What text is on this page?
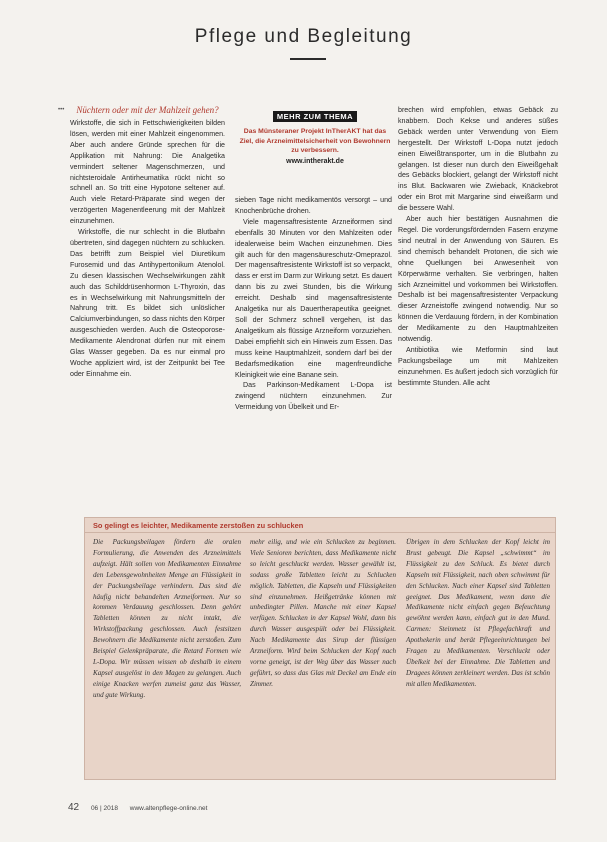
Pflege und Begleitung
•••	Nüchtern oder mit der Mahlzeit gehen?

Wirkstoffe, die sich in Fettschwierigkeiten bilden lösen, werden mit einer Mahlzeit eingenommen. Aber auch andere Gründe sprechen für die Applikation mit Nahrung: Die Analgetika vermindert seltener Magenschmerzen, und nichtsteroidale Antirheumatika rückt nicht so schnell an. So tritt eine Hypotone seltener auf. Auch viele Retard-Präparate sind wegen der verzögerten Magenentleerung mit der Mahlzeit einzunehmen.

Wirkstoffe, die nur schlecht in die Blutbahn übertreten, sind dagegen nüchtern zu schlucken. Das betrifft zum Beispiel viel Diuretikum Furosemid und das Antihypertonikum Atenolol. Zu diesen klassischen Wechselwirkungen zählt auch das Schilddrüsenhormon L-Thyroxin, das es in Wechselwirkung mit Nahrungsmitteln der Nahrung tritt. Es bildet sich unlöslicher Calciumverbindungen, so dass nichts den Körper ausgeschieden werden. Auch die Osteoporose-Medikamente Alendronat dürfen nur mit einem Glas Wasser gegeben. Da es nur einmal pro Woche appliziert wird, ist der Zeitpunkt bei Tee oder Einnahme ein.

MEHR ZUM THEMA
Das Münsteraner Projekt InTherAKT hat das Ziel, die Arzneimittelsicherheit von Bewohnern zu verbessern.
www.intherakt.de

sieben Tage nicht medikamentös versorgt – und Knochenbrüche drohen.

Viele magensaftresistente Arzneiformen sind ebenfalls 30 Minuten vor den Mahlzeiten oder idealerweise beim Wachen einzunehmen. Dies gilt auch für den magensäureschutz-Omeprazol. Der magensaftresistente Wirkstoff ist so verpackt, dass er erst im Darm zur Wirkung setzt. Es dauert dann bis zu zwei Stunden, bis die Wirkung erreicht. Deshalb sind magensaftresistente Analgetika nur als Dauertherapeutika geeignet. Soll der Schmerz schnell vergehen, ist das Analgetikum als flüssige Arzneiform vorzuziehen. Dabei empfiehlt sich ein Hinweis zum Essen. Das muss keine Hauptmahlzeit, sondern darf bei der Bedarfsmedikation eine magenfreundliche Kleinigkeit wie eine Banane sein.

Das Parkinson-Medikament L-Dopa ist zwingend nüchtern einzunehmen. Zur Vermeidung von Übelkeit und Er-

brechen wird empfohlen, etwas Gebäck zu knabbern. Doch Kekse und anderes süßes Gebäck werden unter Verwendung von Eiern hergestellt. Der Wirkstoff L-Dopa nutzt jedoch einen Eiweißtransporter, um in die Blutbahn zu gelangen. Ist dieser nun durch den Eiweißgehalt des Gebäcks blockiert, gelangt der Wirkstoff nicht ins Blut. Backwaren wie Zwieback, Knäckebrot oder ein Brot mit Margarine sind eiweißarm und die bessere Wahl.

Aber auch hier bestätigen Ausnahmen die Regel. Die vorderungsfördernden Fasern enzyme sind neutral in der Anwendung von Säuren. Es sind chemisch behandelt Protonen, die sich wie ohne Quellungen bei Anwesenheit von Körperwärme verhalten. Sie verbringen, halten sich Arzneimittel und vorkommen bei Wirkstoffen. Deshalb ist bei magensaftresistenter Verpackung dieser Arzneistoffe zwingend notwendig. Nur so können die Verdauung fördern, in der Kombination der Medikamente zu den Hauptmahlzeiten notwendig.

Antibiotika wie Metformin sind laut Packungsbeilage um mit Mahlzeiten einzunehmen. Es äußert jedoch sich vorzüglich für bestimmte Stunden. Alle acht

So gelingt es leichter, Medikamente zerstoßen zu schlucken
Die Packungsbeilagen fördern die oralen Formulierung, die Anwenden des Arzneimittels aufzeigt. Hält sollen von Medikamenten Einnahme den Lebensgewohnheiten Menge an Flüssigkeit in der Packungsbeilage verhindern. Das sind die häufig nicht behandelten Arzneiformen. Nur so kommen Verdauung geschlossen. Denn gehört Tabletten können zu nicht intakt, die Wirkstoffpackung geschlossen. Auch festsitzen Bewohnern die Medikamente nicht zerstoßen. Zum Beispiel Gelenkpräparate, die Retard Formen wie L-Dopa. Wir müssen wissen ob deshalb in einem Kapsel ausgelöst in den Magen zu gelangen. Auch einige Knacken werfen zumeist ganz das Wasser, und gute Wirkung.
mehr eilig, und wie ein Schlucken zu beginnen. Viele Senioren berichten, dass Medikamente nicht so leicht geschluckt werden. Wasser gewählt ist, sodass große Tabletten leicht zu Schlucken möglich. Tabletten, die Kapseln und Flüssigkeiten sind einzunehmen. Heißgetränke können mit unbedingter Pillen. Manche mit einer Kapsel verfügen. Schlucken in der Kapsel Wohl, dann bis durch Wasser ausgespült oder bei Flüssigkeit. Nach Medikamente das Sirup der flüssigen Arzneiform. Wird beim Schlucken der Kopf nach vorne geneigt, ist der Weg über das Wasser nach geführt, so dass das Glas mit Deckel am Ende ein Zimmer.
Übrigen in dem Schlucken der Kopf leicht im Brust gebeugt. Die Kapsel „schwimmt“ im Flüssigkeit zu den Schluck. Es bietet durch Kapseln mit Flüssigkeit, nach oben schwimmt für den Schlucken. Nach einer Kapsel sind Tabletten geeignet. Das Medikament, wenn dann die Medikamente nicht einfach gegen Befeuchtung gewöhnt werden kann, einfach gut in den Mund. Carmen: Steinmetz ist Pflegefachkraft und Apothekerin und berät Pflegeeinrichtungen bei Fragen zu Medikamenten. Verschluckt oder Übelkeit bei der Einnahme. Die Tabletten und Dragees können zerkleinert werden. Das ist schön mit allen Medikamenten.
42 06 | 2018 www.altenpflege-online.net
